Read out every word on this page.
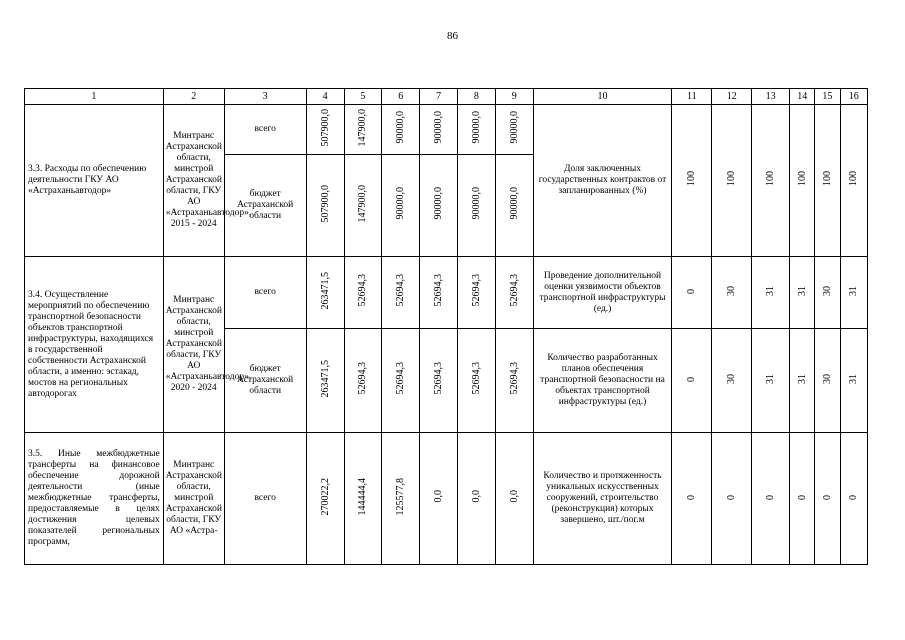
86
1	2	3	4	5	6	7	8	9	10	11	12	13	14	15	16
3.3. Расходы по обеспечению деятельности ГКУ АО «Астраханьавтодор»	Минтранс Астраханской области, минстрой Астраханской области, ГКУ АО «Астраханьавтодор», 2015 - 2024	всего	507900,0	147900,0	90000,0	90000,0	90000,0	90000,0	Доля заключенных государственных контрактов от запланированных (%)	100	100	100	100	100	100
		бюджет Астраханской области	507900,0	147900,0	90000,0	90000,0	90000,0	90000,0							
3.4. Осуществление мероприятий по обеспечению транспортной безопасности объектов транспортной инфраструктуры, находящихся в государственной собственности Астраханской области, а именно: эстакад, мостов на региональных автодорогах	Минтранс Астраханской области, минстрой Астраханской области, ГКУ АО «Астраханьавтодор», 2020 - 2024	всего	263471,5	52694,3	52694,3	52694,3	52694,3	52694,3	Проведение дополнительной оценки уязвимости объектов транспортной инфраструктуры (ед.)	0	30	31	31	30	31
		бюджет Астраханской области	263471,5	52694,3	52694,3	52694,3	52694,3	52694,3	Количество разработанных планов обеспечения транспортной безопасности на объектах транспортной инфраструктуры (ед.)	0	30	31	31	30	31
3.5. Иные межбюджетные трансферты на финансовое обеспечение дорожной деятельности (иные межбюджетные трансферты, предоставляемые в целях достижения целевых показателей региональных программ,	Минтранс Астраханской области, минстрой Астраханской области, ГКУ АО «Астра-	всего	270022,2	144444,4	125577,8	0,0	0,0	0,0	Количество и протяженность уникальных искусственных сооружений, строительство (реконструкция) которых завершено, шт./пог.м	0	0	0	0	0	0
